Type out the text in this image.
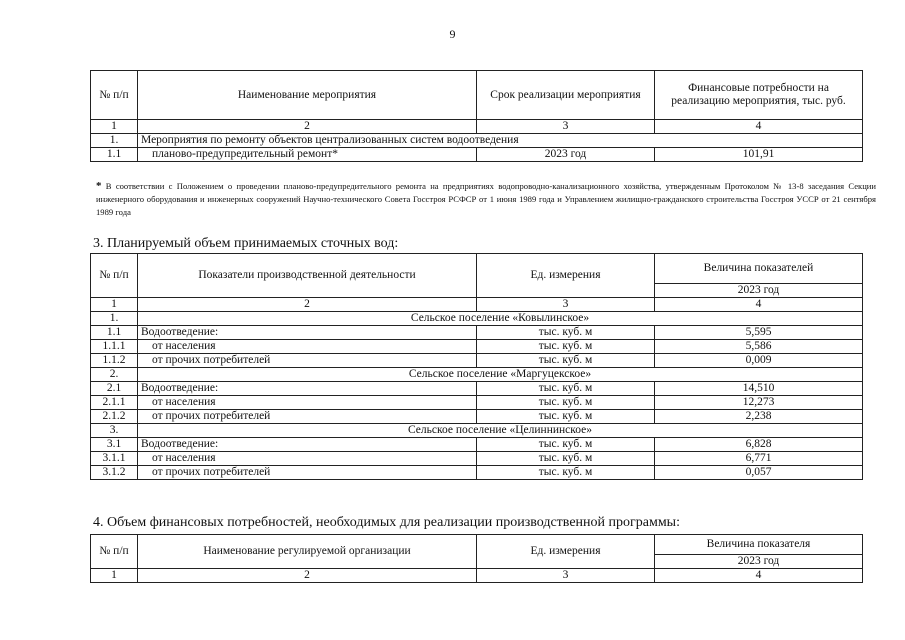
9
№ п/п	Наименование мероприятия	Срок реализации мероприятия	Финансовые потребности на реализацию мероприятия, тыс. руб.
1	2	3	4
1.	Мероприятия по ремонту объектов централизованных систем водоотведения		
1.1	планово-предупредительный ремонт*	2023 год	101,91
* В соответствии с Положением о проведении планово-предупредительного ремонта на предприятиях водопроводно-канализационного хозяйства, утвержденным Протоколом № 13-8 заседания Секции инженерного оборудования и инженерных сооружений Научно-технического Совета Госстроя РСФСР от 1 июня 1989 года и Управлением жилищно-гражданского строительства Госстроя УССР от 21 сентября 1989 года
3. Планируемый объем принимаемых сточных вод:
№ п/п	Показатели производственной деятельности	Ед. измерения	Величина показателей
			2023 год
1	2	3	4
1.	Сельское поселение «Ковылинское»		
1.1	Водоотведение:	тыс. куб. м	5,595
1.1.1	от населения	тыс. куб. м	5,586
1.1.2	от прочих потребителей	тыс. куб. м	0,009
2.	Сельское поселение «Маргуцекское»		
2.1	Водоотведение:	тыс. куб. м	14,510
2.1.1	от населения	тыс. куб. м	12,273
2.1.2	от прочих потребителей	тыс. куб. м	2,238
3.	Сельское поселение «Целиннинское»		
3.1	Водоотведение:	тыс. куб. м	6,828
3.1.1	от населения	тыс. куб. м	6,771
3.1.2	от прочих потребителей	тыс. куб. м	0,057
4. Объем финансовых потребностей, необходимых для реализации производственной программы:
№ п/п	Наименование регулируемой организации	Ед. измерения	Величина показателя
			2023 год
1	2	3	4
